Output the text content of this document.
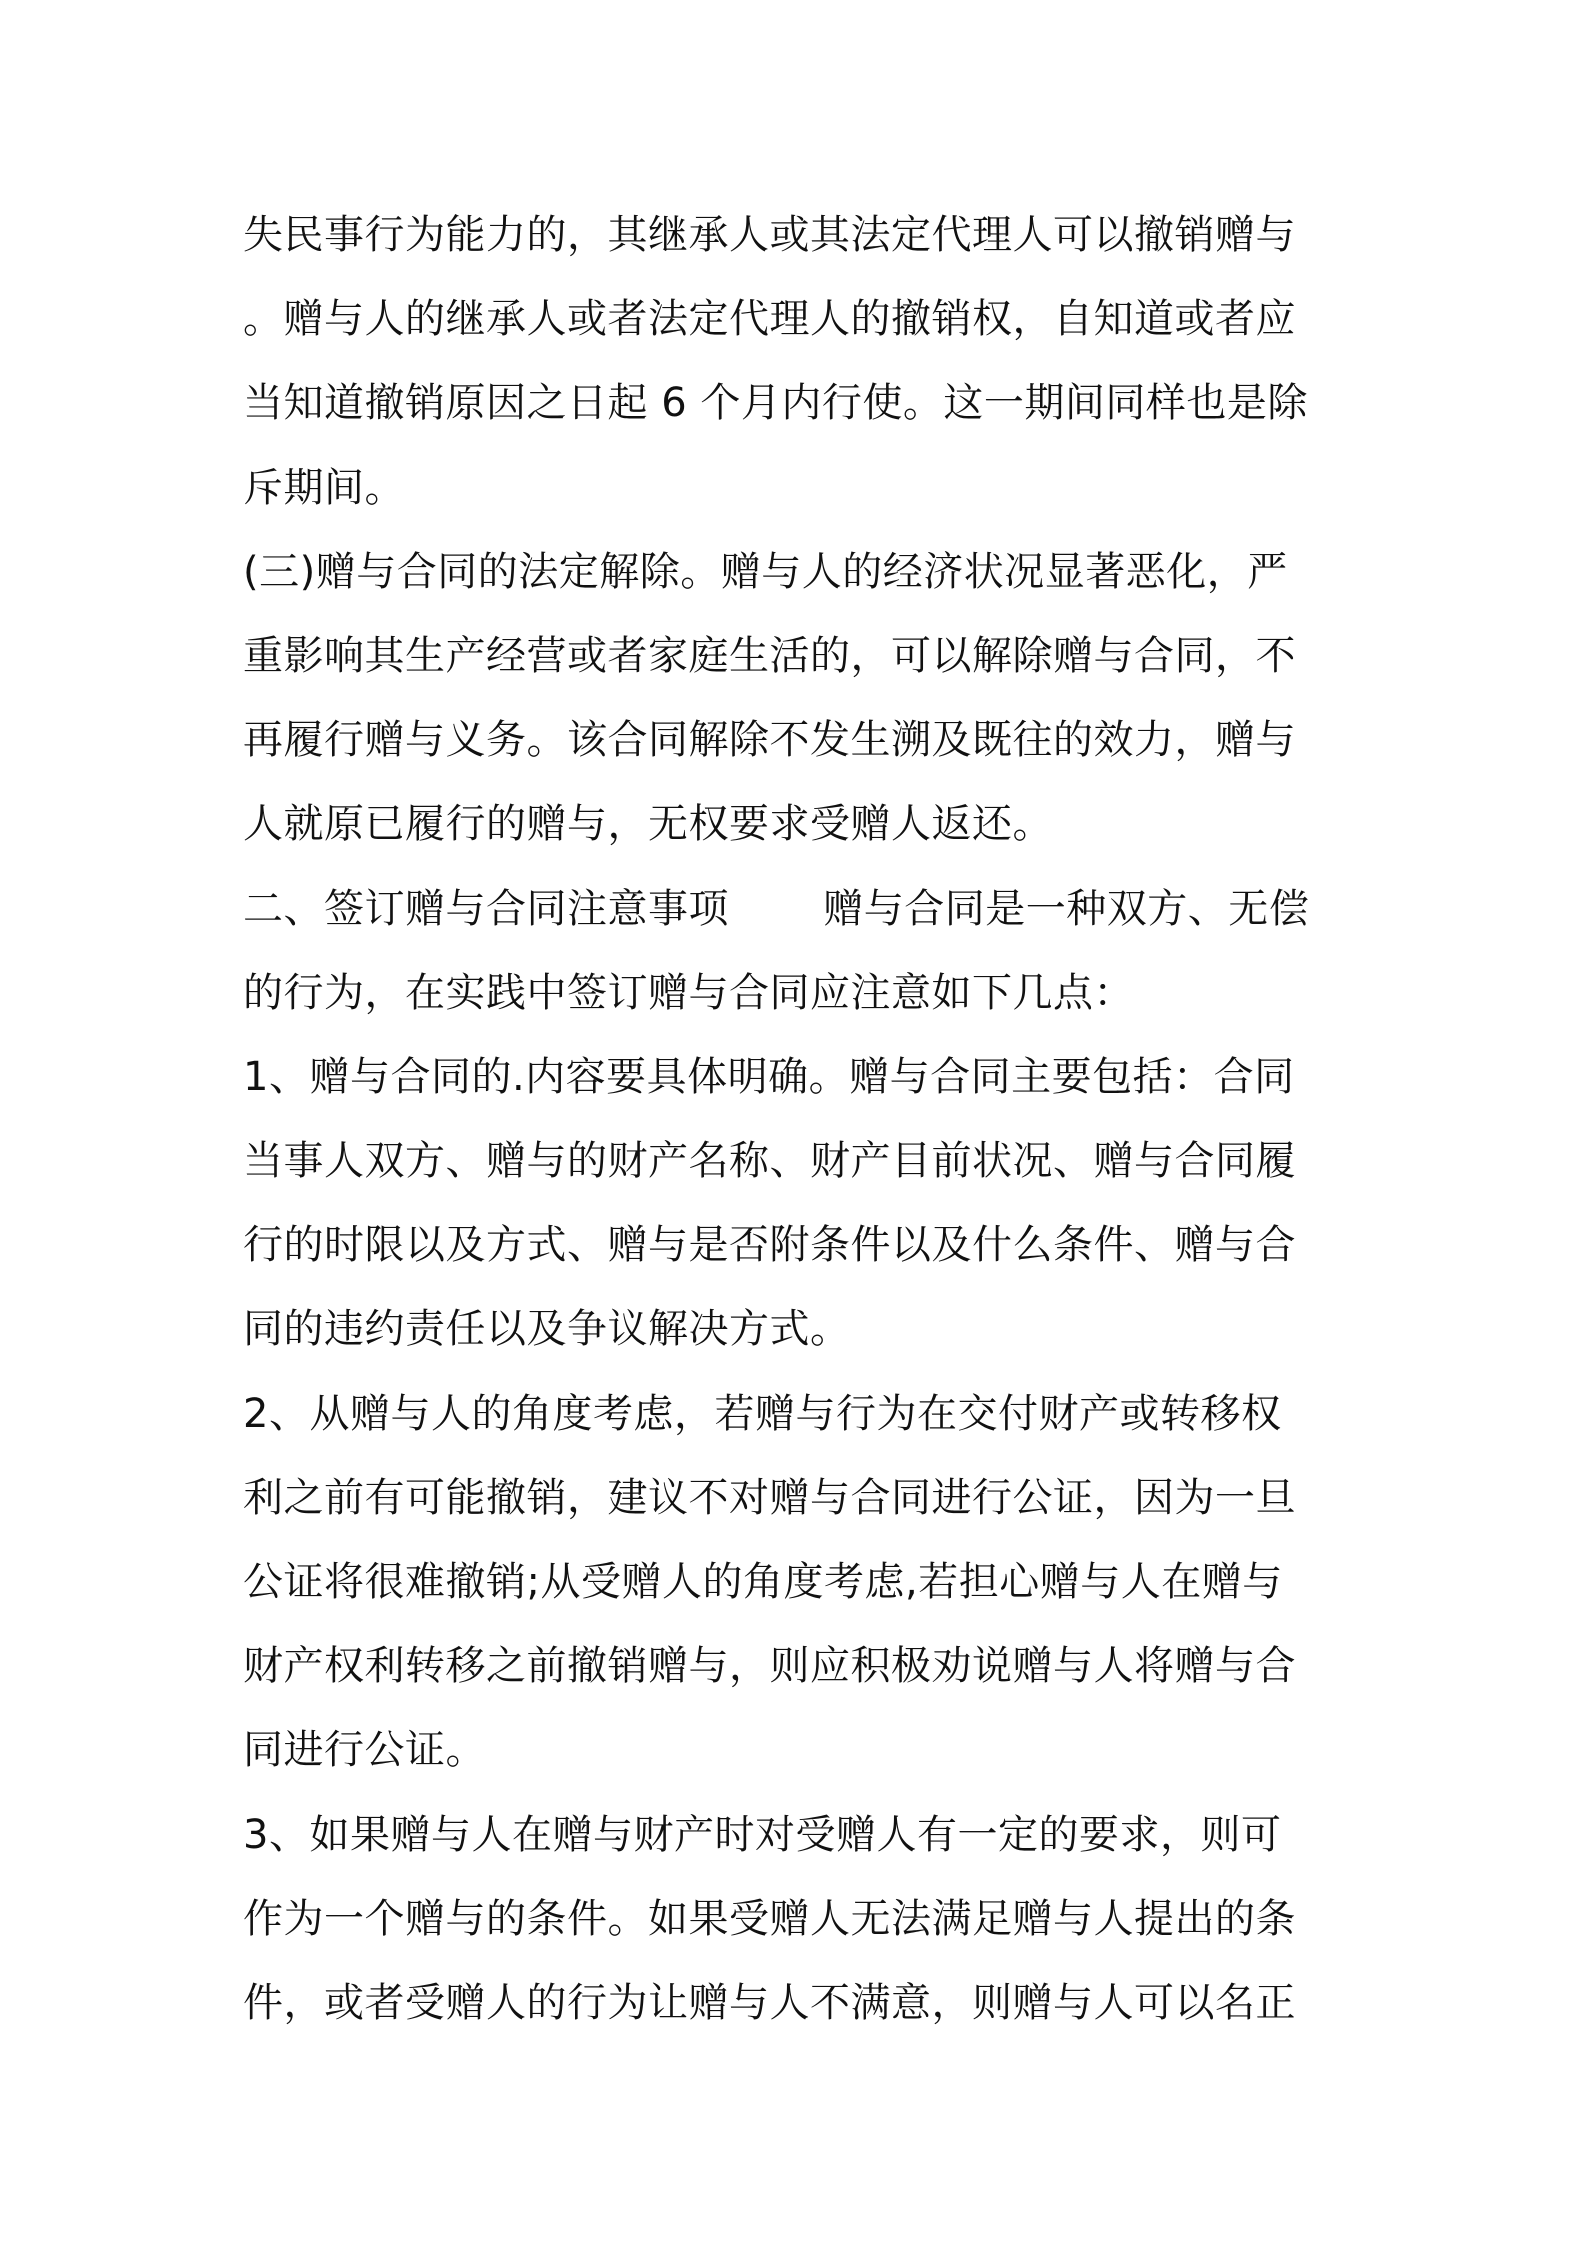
失民事行为能力的，其继承人或其法定代理人可以撤销赠与
。赠与人的继承人或者法定代理人的撤销权，自知道或者应
当知道撤销原因之日起 6 个月内行使。这一期间同样也是除
斥期间。
(三)赠与合同的法定解除。赠与人的经济状况显著恶化，严
重影响其生产经营或者家庭生活的，可以解除赠与合同，不
再履行赠与义务。该合同解除不发生溯及既往的效力，赠与
人就原已履行的赠与，无权要求受赠人返还。
二、签订赠与合同注意事项　　 赠与合同是一种双方、无偿
的行为，在实践中签订赠与合同应注意如下几点：
1、赠与合同的.内容要具体明确。赠与合同主要包括：合同
当事人双方、赠与的财产名称、财产目前状况、赠与合同履
行的时限以及方式、赠与是否附条件以及什么条件、赠与合
同的违约责任以及争议解决方式。
2、从赠与人的角度考虑，若赠与行为在交付财产或转移权
利之前有可能撤销，建议不对赠与合同进行公证，因为一旦
公证将很难撤销;从受赠人的角度考虑,若担心赠与人在赠与
财产权利转移之前撤销赠与，则应积极劝说赠与人将赠与合
同进行公证。
3、如果赠与人在赠与财产时对受赠人有一定的要求，则可
作为一个赠与的条件。如果受赠人无法满足赠与人提出的条
件，或者受赠人的行为让赠与人不满意，则赠与人可以名正
